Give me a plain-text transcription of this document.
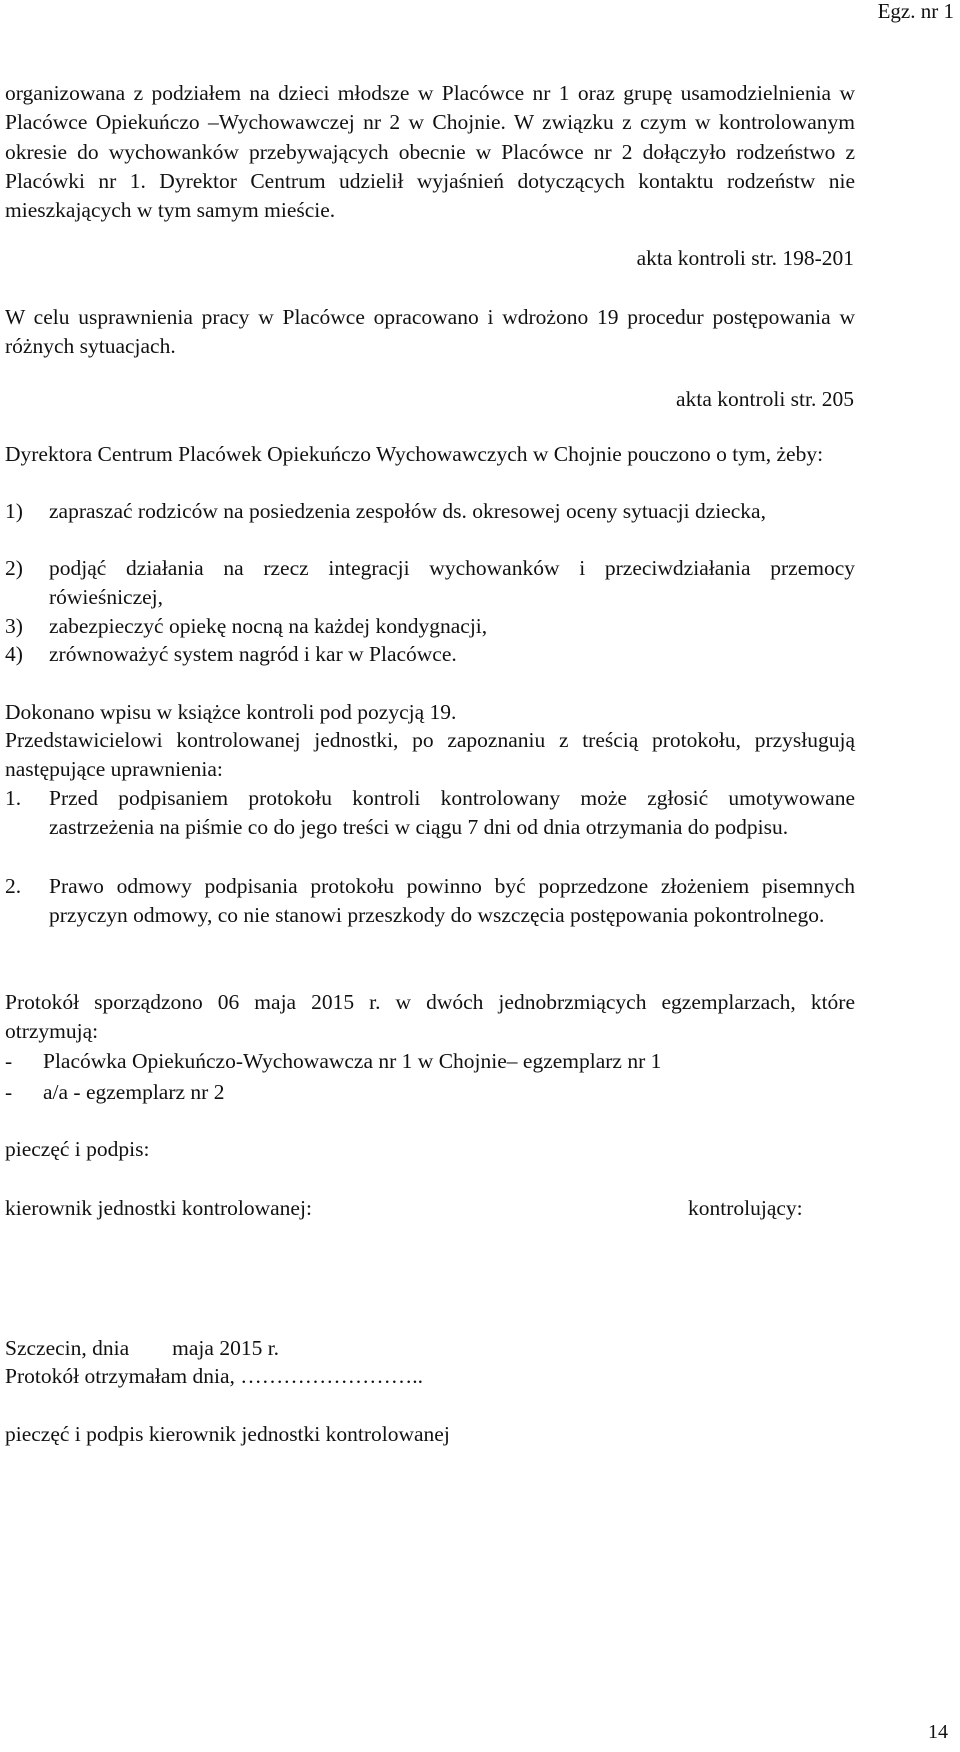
Egz. nr 1

organizowana z podziałem na dzieci młodsze w Placówce nr 1 oraz grupę usamodzielnienia w Placówce Opiekuńczo –Wychowawczej nr 2 w Chojnie. W związku z czym w kontrolowanym okresie do wychowanków przebywających obecnie w Placówce nr 2 dołączyło rodzeństwo z Placówki nr 1. Dyrektor Centrum udzielił wyjaśnień dotyczących kontaktu rodzeństw nie mieszkających w tym samym mieście.

akta kontroli str. 198-201

W celu usprawnienia pracy w Placówce opracowano i wdrożono 19 procedur postępowania w różnych sytuacjach.

akta kontroli str. 205

Dyrektora Centrum Placówek Opiekuńczo Wychowawczych w Chojnie pouczono o tym, żeby:

1) zapraszać rodziców na posiedzenia zespołów ds. okresowej oceny sytuacji dziecka,
2) podjąć działania na rzecz integracji wychowanków i przeciwdziałania przemocy rówieśniczej,
3) zabezpieczyć opiekę nocną na każdej kondygnacji,
4) zrównoważyć system nagród i kar w Placówce.
Dokonano wpisu w książce kontroli pod pozycją 19.

Przedstawicielowi kontrolowanej jednostki, po zapoznaniu z treścią protokołu, przysługują następujące uprawnienia:

1. Przed podpisaniem protokołu kontroli kontrolowany może zgłosić umotywowane zastrzeżenia na piśmie co do jego treści w ciągu 7 dni od dnia otrzymania do podpisu.
2. Prawo odmowy podpisania protokołu powinno być poprzedzone złożeniem pisemnych przyczyn odmowy, co nie stanowi przeszkody do wszczęcia postępowania pokontrolnego.

Protokół sporządzono 06 maja 2015 r. w dwóch jednobrzmiących egzemplarzach, które otrzymują:

- Placówka Opiekuńczo-Wychowawcza nr 1 w Chojnie– egzemplarz nr 1
- a/a - egzemplarz nr 2
pieczęć i podpis:
kierownik jednostki kontrolowanej:	kontrolujący:
Szczecin, dnia        maja 2015 r.
Protokół otrzymałam dnia, ……………………..
pieczęć i podpis kierownik jednostki kontrolowanej
14
